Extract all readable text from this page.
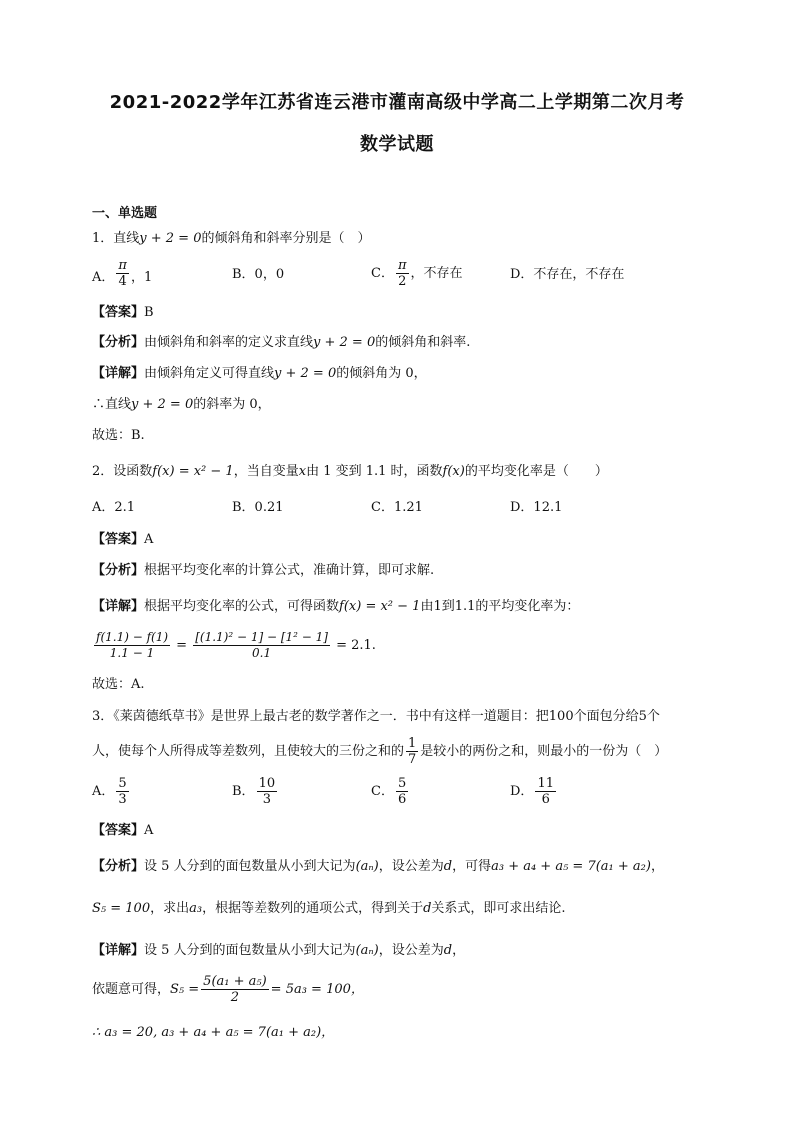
2021-2022学年江苏省连云港市灌南高级中学高二上学期第二次月考
数学试题
一、单选题
1．直线y + 2 = 0的倾斜角和斜率分别是（　）
A． $\frac{\pi}{4}$ ，1	B．0，0	C． $\frac{\pi}{2}$ ，不存在	D．不存在，不存在
【答案】B
【分析】由倾斜角和斜率的定义求直线y + 2 = 0的倾斜角和斜率.
【详解】由倾斜角定义可得直线y + 2 = 0的倾斜角为 0，
∴直线y + 2 = 0的斜率为 0，
故选：B.
2．设函数f(x) = x² − 1，当自变量x由 1 变到 1.1 时，函数f(x)的平均变化率是（　　）
A．2.1	B．0.21	C．1.21	D．12.1
【答案】A
【分析】根据平均变化率的计算公式，准确计算，即可求解.
【详解】根据平均变化率的公式，可得函数f(x) = x² − 1由1到1.1的平均变化率为：
$\frac{f(1.1) - f(1)}{1.1 - 1} = \frac{\text{[(1.1)² − 1] − [1² − 1]}}{0.1} = 2.1$.
故选：A.
3．《莱茵德纸草书》是世界上最古老的数学著作之一．书中有这样一道题目：把100个面包分给5个
人，使每个人所得成等差数列，且使较大的三份之和的 $\frac{1}{7}$ 是较小的两份之和，则最小的一份为（　）
A． $\frac{5}{3}$	B． $\frac{10}{3}$	C． $\frac{5}{6}$	D． $\frac{11}{6}$
【答案】A
【分析】设 5 人分到的面包数量从小到大记为(aₙ)，设公差为d，可得a₃ + a₄ + a₅ = 7(a₁ + a₂)，
S₅ = 100，求出a₃，根据等差数列的通项公式，得到关于d关系式，即可求出结论.
【详解】设 5 人分到的面包数量从小到大记为(aₙ)，设公差为d，
依题意可得，$S_5 = \frac{\text{5(a₁ + a₅)}}{2} = 5a_3 = 100$，
∴ a₃ = 20, a₃ + a₄ + a₅ = 7(a₁ + a₂)，
